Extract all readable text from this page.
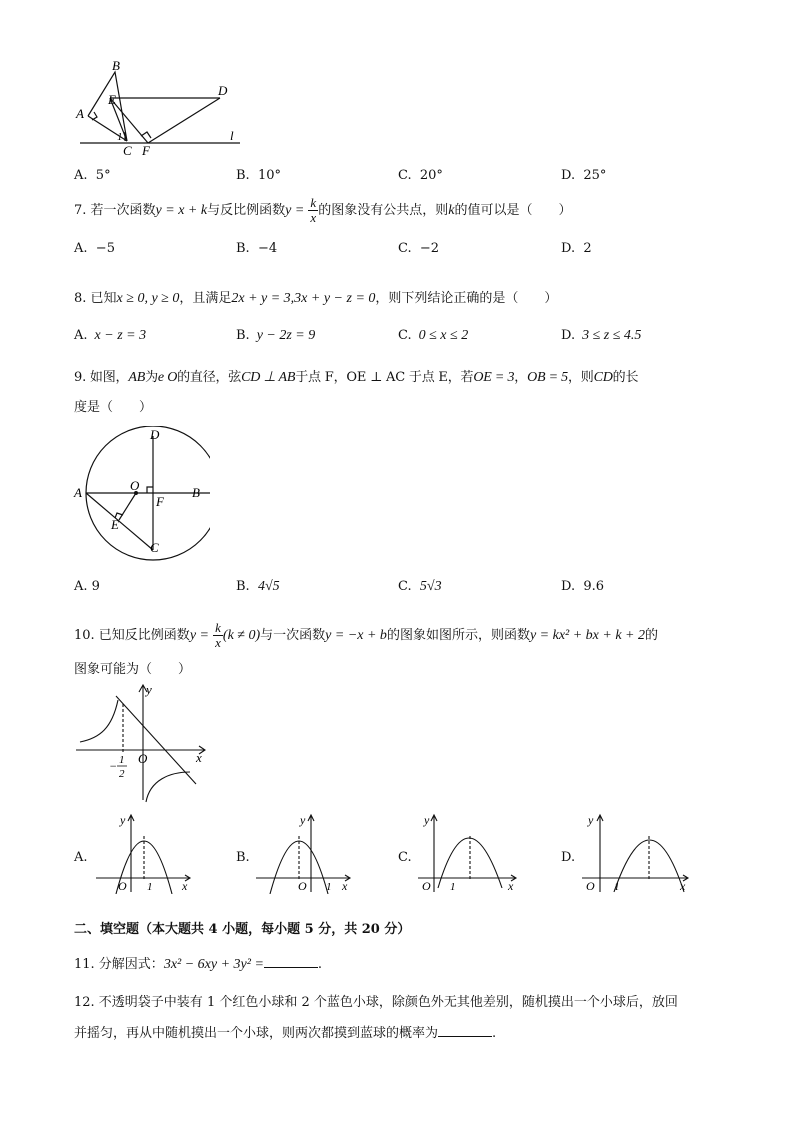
B
E
D
A
1
C F
l
A. 5°	B. 10°	C. 20°	D. 25°
7. 若一次函数y = x + k与反比例函数$y = \frac{k}{x}$ 的图象没有公共点，则k的值可以是（　　）
A. −5	B. −4	C. −2	D. 2
8. 已知x ≥ 0, y ≥ 0，且满足2x + y = 3,3x + y − z = 0，则下列结论正确的是（　　）
A. x − z = 3	B. y − 2z = 9	C. 0 ≤ x ≤ 2	D. 3 ≤ z ≤ 4.5
9. 如图，AB为e O的直径，弦CD ⊥ AB于点 F，OE ⊥ AC 于点 E，若OE = 3，OB = 5，则CD的长
度是（　　）
D
A	O	B
F
E
C
A. 9	B. 4√5	C. 5√3	D. 9.6
10. 已知反比例函数$y = \frac{k}{x} (k \ne 0)$与一次函数y = −x + b的图象如图所示，则函数y = kx² + bx + k + 2的
图象可能为（　　）
y
x
O
− 1
2
A.
y
x
O 1
B.
y
x
O 1
C.
y
x
O 1
D.
y
x
O 1
二、填空题（本大题共 4 小题，每小题 5 分，共 20 分）
11. 分解因式：3x² − 6xy + 3y² =	.
12. 不透明袋子中装有 1 个红色小球和 2 个蓝色小球，除颜色外无其他差别，随机摸出一个小球后，放回
并摇匀，再从中随机摸出一个小球，则两次都摸到蓝球的概率为	.
